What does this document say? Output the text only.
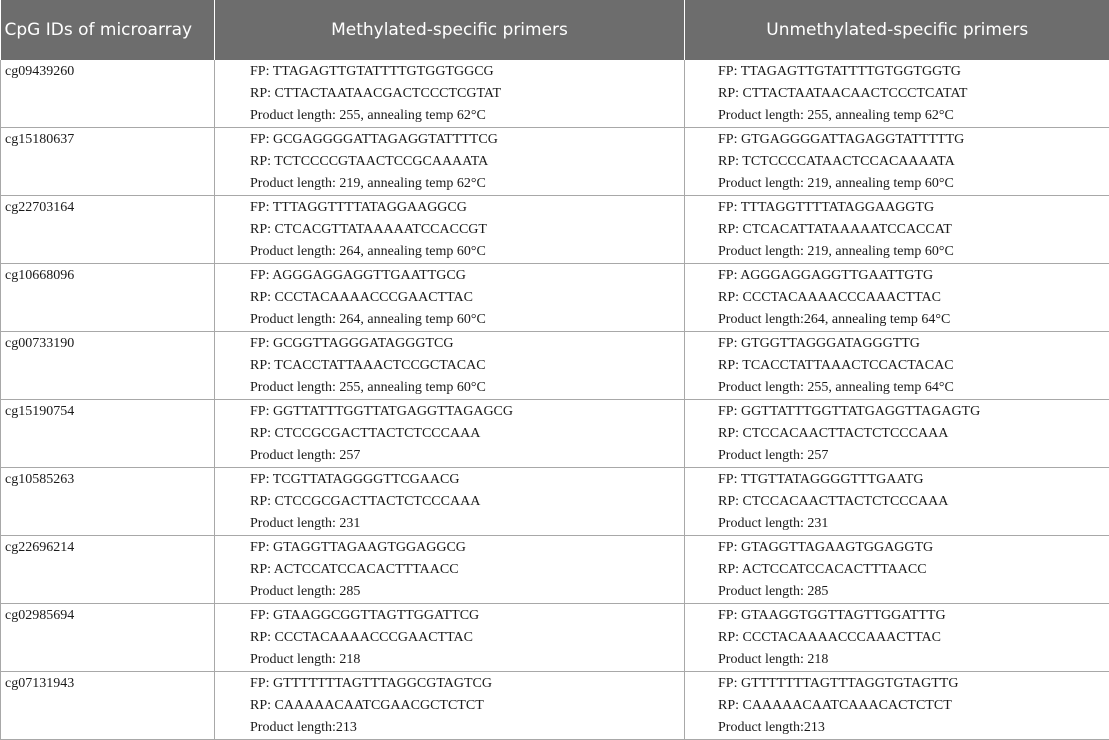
CpG IDs of microarray	Methylated-specific primers	Unmethylated-specific primers

cg09439260	FP: TTAGAGTTGTATTTTGTGGTGGCG
RP: CTTACTAATAACGACTCCCTCGTAT
Product length: 255, annealing temp 62°C	FP: TTAGAGTTGTATTTTGTGGTGGTG
RP: CTTACTAATAACAACTCCCTCATAT
Product length: 255, annealing temp 62°C

cg15180637	FP: GCGAGGGGATTAGAGGTATTTTCG
RP: TCTCCCCGTAACTCCGCAAAATA
Product length: 219, annealing temp 62°C	FP: GTGAGGGGATTAGAGGTATTTTTG
RP: TCTCCCCATAACTCCACAAAATA
Product length: 219, annealing temp 60°C

cg22703164	FP: TTTAGGTTTTATAGGAAGGCG
RP: CTCACGTTATAAAAATCCACCGT
Product length: 264, annealing temp 60°C	FP: TTTAGGTTTTATAGGAAGGTG
RP: CTCACATTATAAAAATCCACCAT
Product length: 219, annealing temp 60°C

cg10668096	FP: AGGGAGGAGGTTGAATTGCG
RP: CCCTACAAAACCCGAACTTAC
Product length: 264, annealing temp 60°C	FP: AGGGAGGAGGTTGAATTGTG
RP: CCCTACAAAACCCAAACTTAC
Product length:264, annealing temp 64°C

cg00733190	FP: GCGGTTAGGGATAGGGTCG
RP: TCACCTATTAAACTCCGCTACAC
Product length: 255, annealing temp 60°C	FP: GTGGTTAGGGATAGGGTTG
RP: TCACCTATTAAACTCCACTACAC
Product length: 255, annealing temp 64°C

cg15190754	FP: GGTTATTTGGTTATGAGGTTAGAGCG
RP: CTCCGCGACTTACTCTCCCAAA
Product length: 257	FP: GGTTATTTGGTTATGAGGTTAGAGTG
RP: CTCCACAACTTACTCTCCCAAA
Product length: 257

cg10585263	FP: TCGTTATAGGGGTTCGAACG
RP: CTCCGCGACTTACTCTCCCAAA
Product length: 231	FP: TTGTTATAGGGGTTTGAATG
RP: CTCCACAACTTACTCTCCCAAA
Product length: 231

cg22696214	FP: GTAGGTTAGAAGTGGAGGCG
RP: ACTCCATCCACACTTTAACC
Product length: 285	FP: GTAGGTTAGAAGTGGAGGTG
RP: ACTCCATCCACACTTTAACC
Product length: 285

cg02985694	FP: GTAAGGCGGTTAGTTGGATTCG
RP: CCCTACAAAACCCGAACTTAC
Product length: 218	FP: GTAAGGTGGTTAGTTGGATTTG
RP: CCCTACAAAACCCAAACTTAC
Product length: 218

cg07131943	FP: GTTTTTTTAGTTTAGGCGTAGTCG
RP: CAAAAACAATCGAACGCTCTCT
Product length:213	FP: GTTTTTTTAGTTTAGGTGTAGTTG
RP: CAAAAACAATCAAACACTCTCT
Product length:213
